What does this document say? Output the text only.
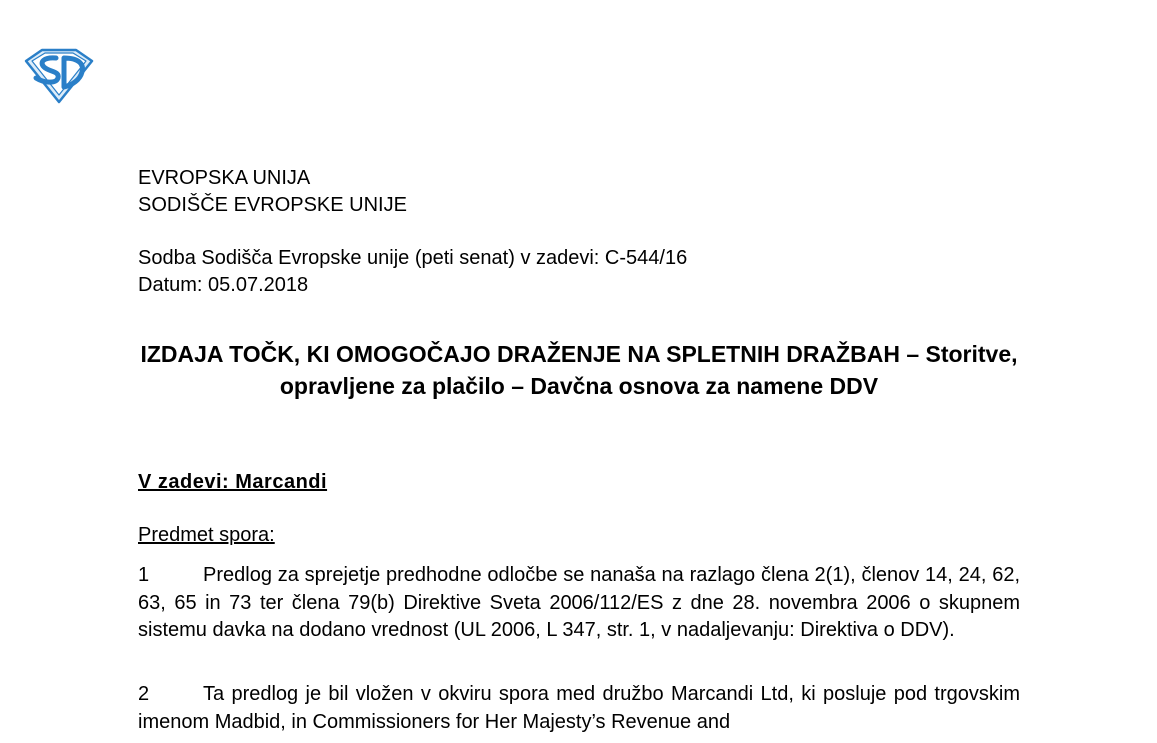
EVROPSKA UNIJA
SODIŠČE EVROPSKE UNIJE
Sodba Sodišča Evropske unije (peti senat) v zadevi: C-544/16
Datum: 05.07.2018

IZDAJA TOČK, KI OMOGOČAJO DRAŽENJE NA SPLETNIH DRAŽBAH – Storitve, opravljene za plačilo – Davčna osnova za namene DDV

V zadevi: Marcandi

Predmet spora:

1	Predlog za sprejetje predhodne odločbe se nanaša na razlago člena 2(1), členov 14, 24, 62, 63, 65 in 73 ter člena 79(b) Direktive Sveta 2006/112/ES z dne 28. novembra 2006 o skupnem sistemu davka na dodano vrednost (UL 2006, L 347, str. 1, v nadaljevanju: Direktiva o DDV).

2	Ta predlog je bil vložen v okviru spora med družbo Marcandi Ltd, ki posluje pod trgovskim imenom Madbid, in Commissioners for Her Majesty’s Revenue and
